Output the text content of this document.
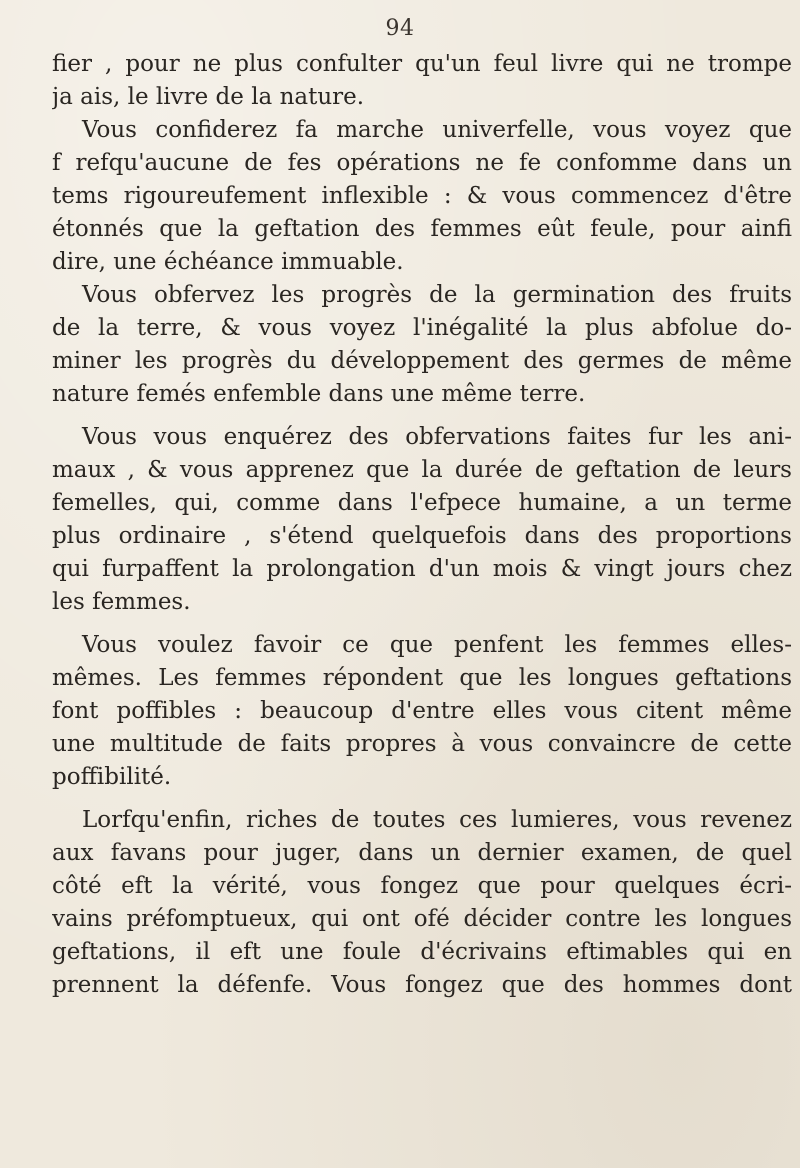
94
fier , pour ne plus confulter qu'un feul livre qui ne trompe
ja ais, le livre de la nature.
Vous confiderez fa marche univerfelle, vous voyez que
f refqu'aucune de fes opérations ne fe confomme dans un
tems rigoureufement inflexible : & vous commencez d'être
étonnés que la geftation des femmes eût feule, pour ainfi
dire, une échéance immuable.
Vous obfervez les progrès de la germination des fruits
de la terre, & vous voyez l'inégalité la plus abfolue do-
miner les progrès du développement des germes de même
nature femés enfemble dans une même terre.
Vous vous enquérez des obfervations faites fur les ani-
maux , & vous apprenez que la durée de geftation de leurs
femelles, qui, comme dans l'efpece humaine, a un terme
plus ordinaire , s'étend quelquefois dans des proportions
qui furpaffent la prolongation d'un mois & vingt jours chez
les femmes.
Vous voulez favoir ce que penfent les femmes elles-
mêmes. Les femmes répondent que les longues geftations
font poffibles : beaucoup d'entre elles vous citent même
une multitude de faits propres à vous convaincre de cette
poffibilité.
Lorfqu'enfin, riches de toutes ces lumieres, vous revenez
aux favans pour juger, dans un dernier examen, de quel
côté eft la vérité, vous fongez que pour quelques écri-
vains préfomptueux, qui ont ofé décider contre les longues
geftations, il eft une foule d'écrivains eftimables qui en
prennent la défenfe. Vous fongez que des hommes dont
